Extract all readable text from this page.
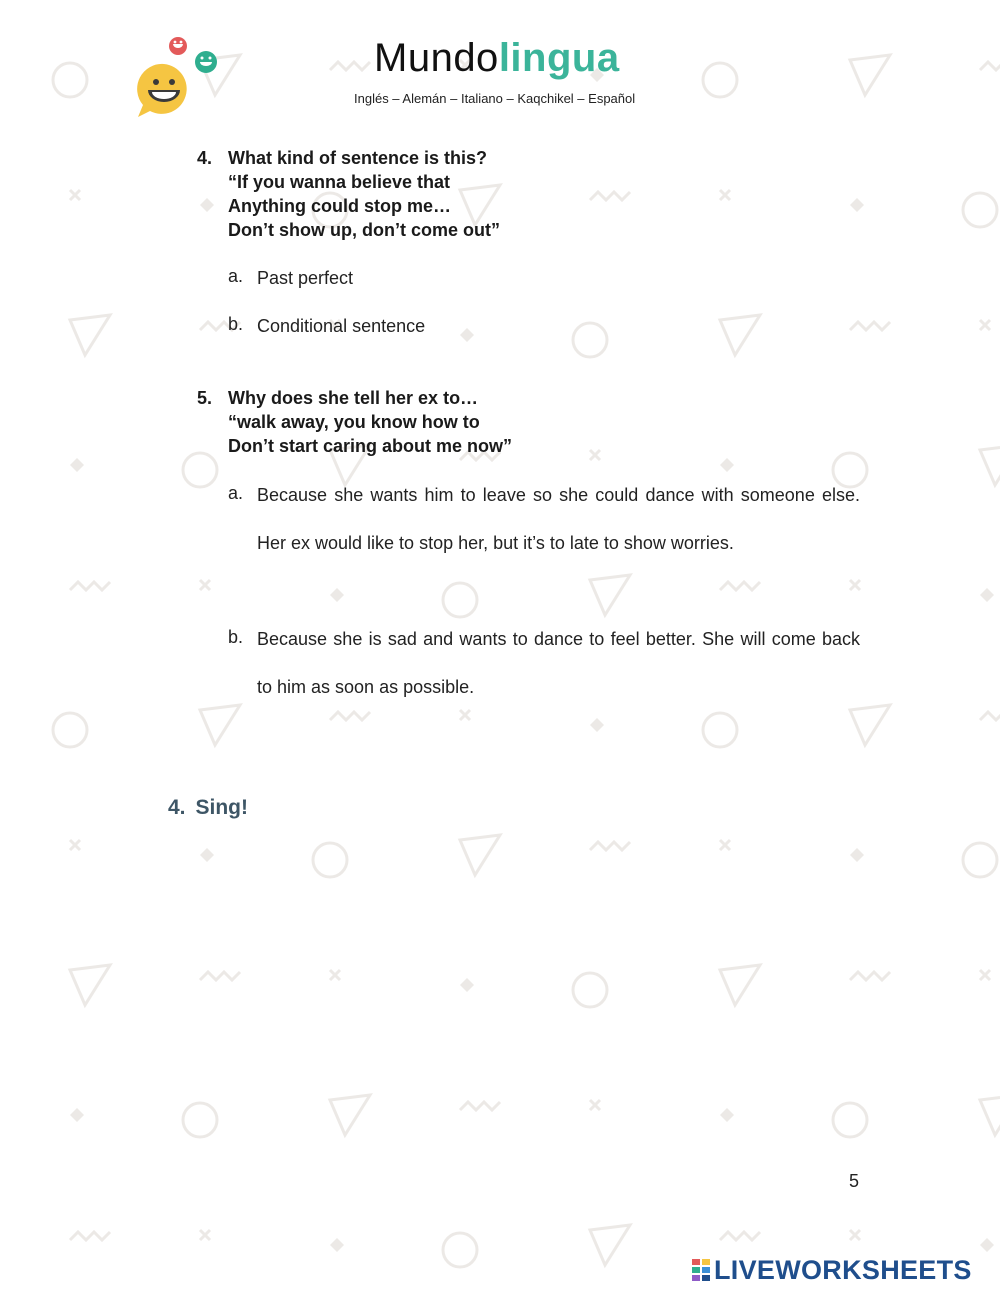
Mundolingua
Inglés – Alemán – Italiano – Kaqchikel – Español
4. What kind of sentence is this?
“If you wanna believe that
Anything could stop me…
Don’t show up, don’t come out”
a. Past perfect
b. Conditional sentence
5. Why does she tell her ex to…
“walk away, you know how to
Don’t start caring about me now”
a. Because she wants him to leave so she could dance with someone else. Her ex would like to stop her, but it’s to late to show worries.
b. Because she is sad and wants to dance to feel better. She will come back to him as soon as possible.
4. Sing!
5
LIVEWORKSHEETS
